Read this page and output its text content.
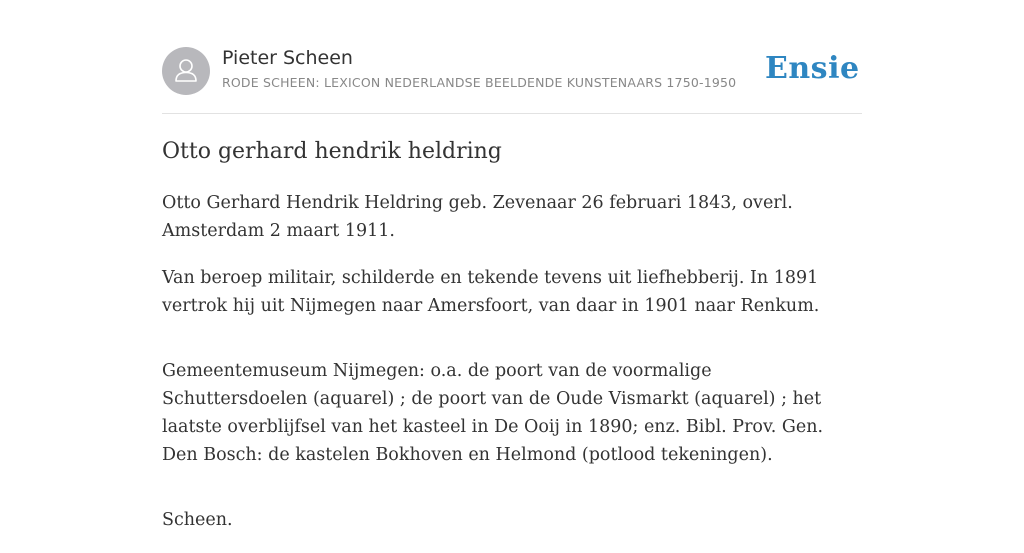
Pieter Scheen
RODE SCHEEN: LEXICON NEDERLANDSE BEELDENDE KUNSTENAARS 1750-1950 Ensie
Otto gerhard hendrik heldring

Otto Gerhard Hendrik Heldring geb. Zevenaar 26 februari 1843, overl. Amsterdam 2 maart 1911.

Van beroep militair, schilderde en tekende tevens uit liefhebberij. In 1891 vertrok hij uit Nijmegen naar Amersfoort, van daar in 1901 naar Renkum.

Gemeentemuseum Nijmegen: o.a. de poort van de voormalige Schuttersdoelen (aquarel) ; de poort van de Oude Vismarkt (aquarel) ; het laatste overblijfsel van het kasteel in De Ooij in 1890; enz. Bibl. Prov. Gen. Den Bosch: de kastelen Bokhoven en Helmond (potlood tekeningen).

Scheen.
